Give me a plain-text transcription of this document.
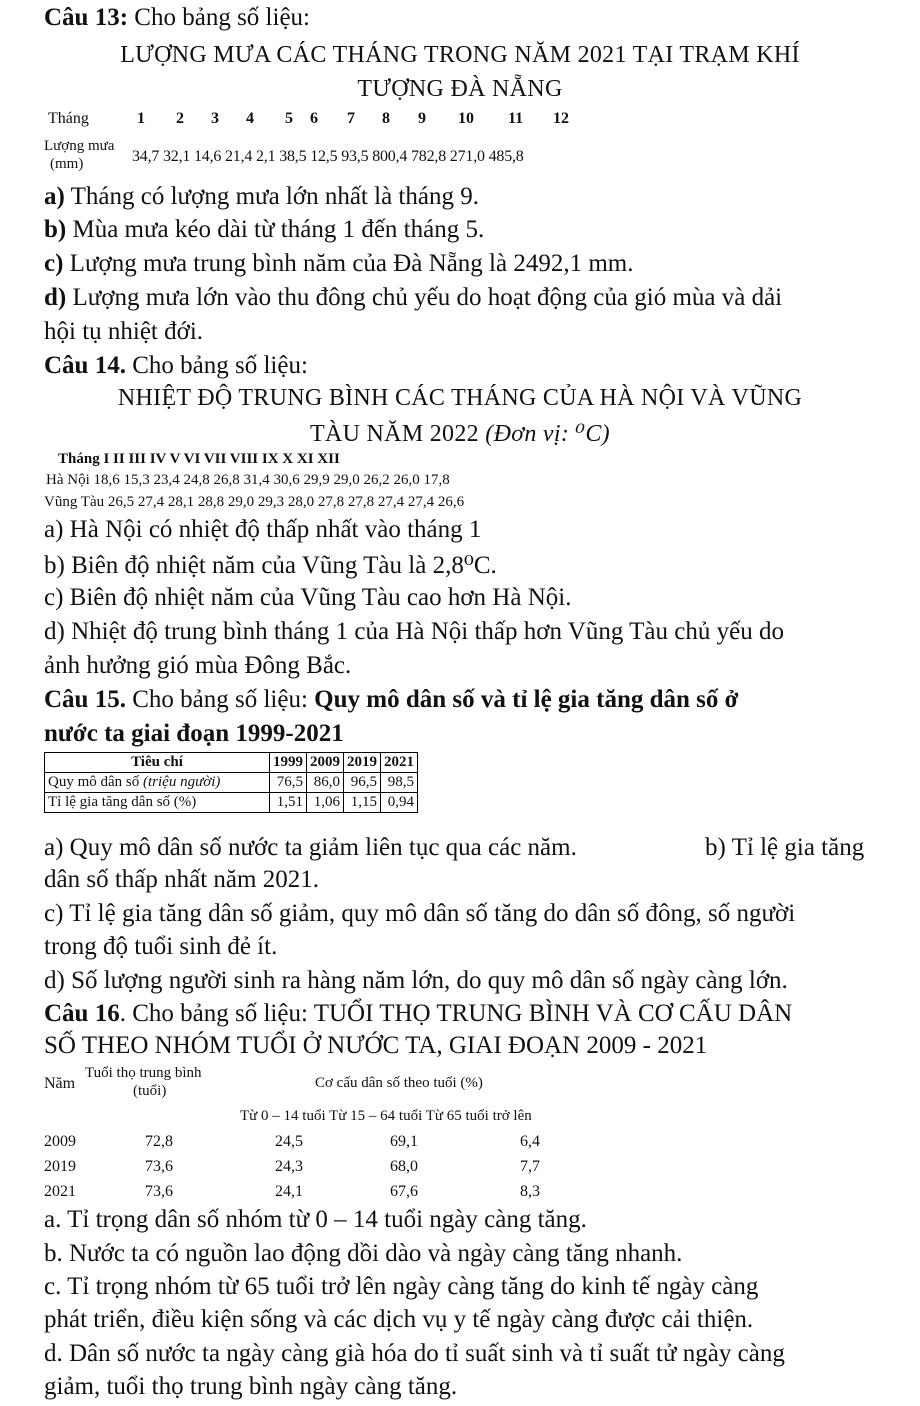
Câu 13: Cho bảng số liệu:
LƯỢNG MƯA CÁC THÁNG TRONG NĂM 2021 TẠI TRẠM KHÍ
TƯỢNG ĐÀ NẴNG
Tháng	1 2 3 4 5 6 7 8 9 10 11 12
Lượng mưa
(mm)	34,7 32,1 14,6 21,4 2,1 38,5 12,5 93,5 800,4 782,8 271,0 485,8
a) Tháng có lượng mưa lớn nhất là tháng 9.
b) Mùa mưa kéo dài từ tháng 1 đến tháng 5.
c) Lượng mưa trung bình năm của Đà Nẵng là 2492,1 mm.
d) Lượng mưa lớn vào thu đông chủ yếu do hoạt động của gió mùa và dải
hội tụ nhiệt đới.
Câu 14. Cho bảng số liệu:
NHIỆT ĐỘ TRUNG BÌNH CÁC THÁNG CỦA HÀ NỘI VÀ VŨNG
TÀU NĂM 2022 (Đơn vị: ⁰C)
Tháng I II III IV V VI VII VIII IX X XI XII
Hà Nội 18,6 15,3 23,4 24,8 26,8 31,4 30,6 29,9 29,0 26,2 26,0 17,8
Vũng Tàu 26,5 27,4 28,1 28,8 29,0 29,3 28,0 27,8 27,8 27,4 27,4 26,6
a) Hà Nội có nhiệt độ thấp nhất vào tháng 1
b) Biên độ nhiệt năm của Vũng Tàu là 2,8⁰C.
c) Biên độ nhiệt năm của Vũng Tàu cao hơn Hà Nội.
d) Nhiệt độ trung bình tháng 1 của Hà Nội thấp hơn Vũng Tàu chủ yếu do
ảnh hưởng gió mùa Đông Bắc.
Câu 15. Cho bảng số liệu: Quy mô dân số và tỉ lệ gia tăng dân số ở
nước ta giai đoạn 1999-2021
Tiêu chí	1999	2009	2019	2021
Quy mô dân số (triệu người)	76,5	86,0	96,5	98,5
Tỉ lệ gia tăng dân số (%)	1,51	1,06	1,15	0,94
a) Quy mô dân số nước ta giảm liên tục qua các năm.	b) Tỉ lệ gia tăng
dân số thấp nhất năm 2021.
c) Tỉ lệ gia tăng dân số giảm, quy mô dân số tăng do dân số đông, số người
trong độ tuổi sinh đẻ ít.
d) Số lượng người sinh ra hàng năm lớn, do quy mô dân số ngày càng lớn.
Câu 16. Cho bảng số liệu: TUỔI THỌ TRUNG BÌNH VÀ CƠ CẤU DÂN
SỐ THEO NHÓM TUỔI Ở NƯỚC TA, GIAI ĐOẠN 2009 - 2021
Năm
Tuổi thọ trung bình
(tuổi)	Cơ cấu dân số theo tuổi (%)
Từ 0 – 14 tuổi Từ 15 – 64 tuổi Từ 65 tuổi trở lên
2009	72,8	24,5	69,1	6,4
2019	73,6	24,3	68,0	7,7
2021	73,6	24,1	67,6	8,3
a. Tỉ trọng dân số nhóm từ 0 – 14 tuổi ngày càng tăng.
b. Nước ta có nguồn lao động dồi dào và ngày càng tăng nhanh.
c. Tỉ trọng nhóm từ 65 tuổi trở lên ngày càng tăng do kinh tế ngày càng
phát triển, điều kiện sống và các dịch vụ y tế ngày càng được cải thiện.
d. Dân số nước ta ngày càng già hóa do tỉ suất sinh và tỉ suất tử ngày càng
giảm, tuổi thọ trung bình ngày càng tăng.
